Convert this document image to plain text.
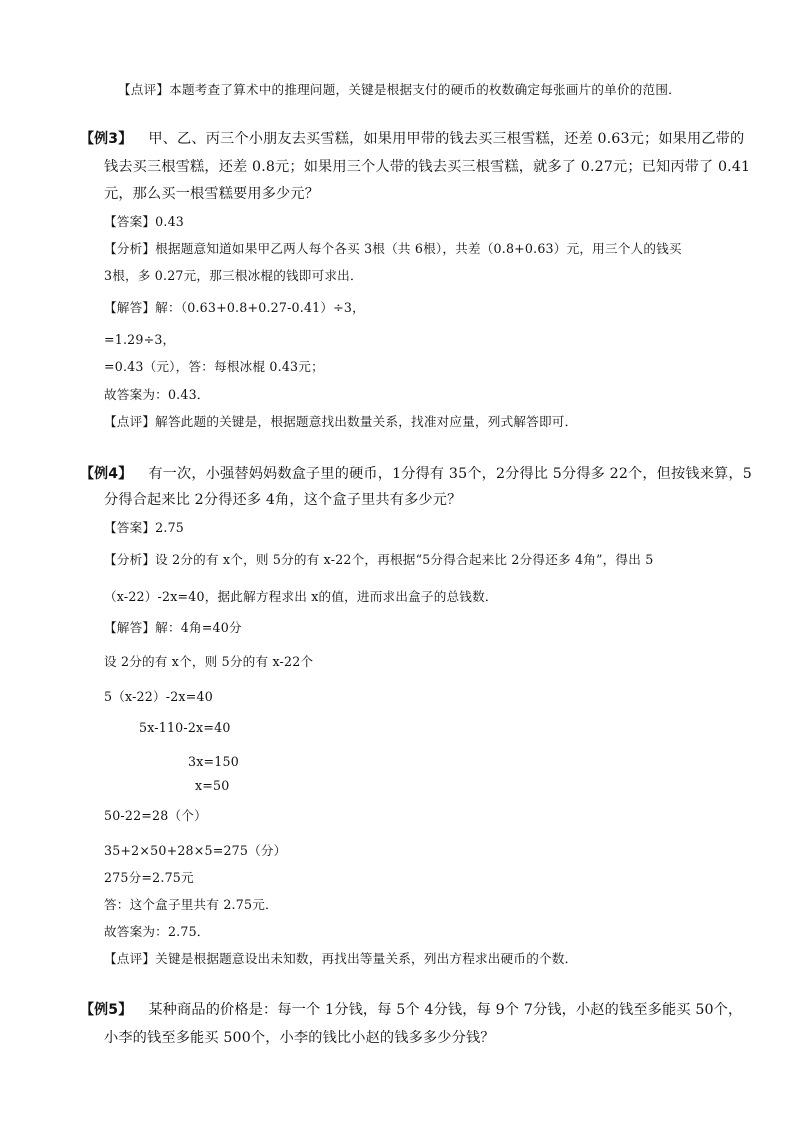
【点评】本题考查了算术中的推理问题，关键是根据支付的硬币的枚数确定每张画片的单价的范围．
【例3】 甲、乙、丙三个小朋友去买雪糕，如果用甲带的钱去买三根雪糕，还差 0.63元；如果用乙带的
钱去买三根雪糕，还差 0.8元；如果用三个人带的钱去买三根雪糕，就多了 0.27元；已知丙带了 0.41
元，那么买一根雪糕要用多少元？
【答案】0.43
【分析】根据题意知道如果甲乙两人每个各买 3根（共 6根），共差（0.8+0.63）元，用三个人的钱买
3根，多 0.27元，那三根冰棍的钱即可求出．
【解答】解：（0.63+0.8+0.27-0.41）÷3，
=1.29÷3，
=0.43（元），答：每根冰棍 0.43元；
故答案为：0.43．
【点评】解答此题的关键是，根据题意找出数量关系，找准对应量，列式解答即可．
【例4】 有一次，小强替妈妈数盒子里的硬币，1分得有 35个，2分得比 5分得多 22个，但按钱来算，5
分得合起来比 2分得还多 4角，这个盒子里共有多少元？
【答案】2.75
【分析】设 2分的有 x个，则 5分的有 x-22个，再根据“5分得合起来比 2分得还多 4角”，得出 5
（x-22）-2x=40，据此解方程求出 x的值，进而求出盒子的总钱数．
【解答】解：4角=40分
设 2分的有 x个，则 5分的有 x-22个
5（x-22）-2x=40
5x-110-2x=40
3x=150
x=50
50-22=28（个）
35+2×50+28×5=275（分）
275分=2.75元
答：这个盒子里共有 2.75元．
故答案为：2.75．
【点评】关键是根据题意设出未知数，再找出等量关系，列出方程求出硬币的个数．
【例5】 某种商品的价格是：每一个 1分钱，每 5个 4分钱，每 9个 7分钱，小赵的钱至多能买 50个，
小李的钱至多能买 500个，小李的钱比小赵的钱多多少分钱？
